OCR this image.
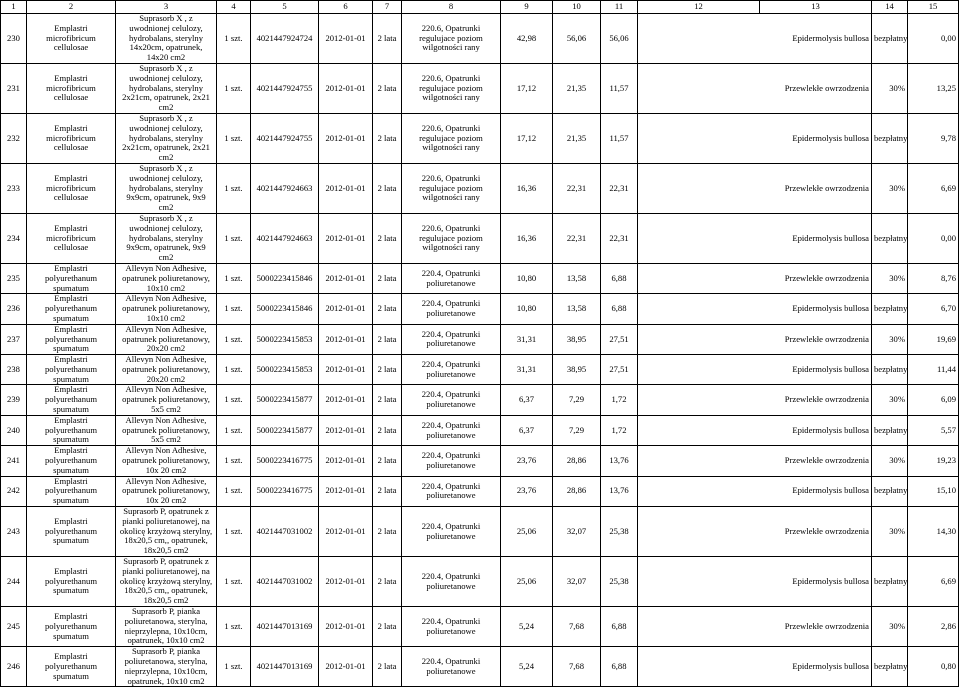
1	2	3	4	5	6	7	8	9	10	11	12	13	14	15
230	Emplastri microfibricum cellulosae	Suprasorb X , z uwodnionej celulozy, hydrobalans, sterylny 14x20cm, opatrunek, 14x20 cm2	1 szt.	4021447924724	2012-01-01	2 lata	220.6, Opatrunki regulujace poziom wilgotności rany	42,98	56,06	56,06	Epidermolysis bullosa		bezpłatny	0,00
231	Emplastri microfibricum cellulosae	Suprasorb X , z uwodnionej celulozy, hydrobalans, sterylny 2x21cm, opatrunek, 2x21 cm2	1 szt.	4021447924755	2012-01-01	2 lata	220.6, Opatrunki regulujace poziom wilgotności rany	17,12	21,35	11,57	Przewlekłe owrzodzenia		30%	13,25
232	Emplastri microfibricum cellulosae	Suprasorb X , z uwodnionej celulozy, hydrobalans, sterylny 2x21cm, opatrunek, 2x21 cm2	1 szt.	4021447924755	2012-01-01	2 lata	220.6, Opatrunki regulujace poziom wilgotności rany	17,12	21,35	11,57	Epidermolysis bullosa		bezpłatny	9,78
233	Emplastri microfibricum cellulosae	Suprasorb X , z uwodnionej celulozy, hydrobalans, sterylny 9x9cm, opatrunek, 9x9 cm2	1 szt.	4021447924663	2012-01-01	2 lata	220.6, Opatrunki regulujace poziom wilgotności rany	16,36	22,31	22,31	Przewlekłe owrzodzenia		30%	6,69
234	Emplastri microfibricum cellulosae	Suprasorb X , z uwodnionej celulozy, hydrobalans, sterylny 9x9cm, opatrunek, 9x9 cm2	1 szt.	4021447924663	2012-01-01	2 lata	220.6, Opatrunki regulujace poziom wilgotności rany	16,36	22,31	22,31	Epidermolysis bullosa		bezpłatny	0,00
235	Emplastri polyurethanum spumatum	Allevyn Non Adhesive, opatrunek poliuretanowy, 10x10 cm2	1 szt.	5000223415846	2012-01-01	2 lata	220.4, Opatrunki poliuretanowe	10,80	13,58	6,88	Przewlekłe owrzodzenia		30%	8,76
236	Emplastri polyurethanum spumatum	Allevyn Non Adhesive, opatrunek poliuretanowy, 10x10 cm2	1 szt.	5000223415846	2012-01-01	2 lata	220.4, Opatrunki poliuretanowe	10,80	13,58	6,88	Epidermolysis bullosa		bezpłatny	6,70
237	Emplastri polyurethanum spumatum	Allevyn Non Adhesive, opatrunek poliuretanowy, 20x20 cm2	1 szt.	5000223415853	2012-01-01	2 lata	220.4, Opatrunki poliuretanowe	31,31	38,95	27,51	Przewlekłe owrzodzenia		30%	19,69
238	Emplastri polyurethanum spumatum	Allevyn Non Adhesive, opatrunek poliuretanowy, 20x20 cm2	1 szt.	5000223415853	2012-01-01	2 lata	220.4, Opatrunki poliuretanowe	31,31	38,95	27,51	Epidermolysis bullosa		bezpłatny	11,44
239	Emplastri polyurethanum spumatum	Allevyn Non Adhesive, opatrunek poliuretanowy, 5x5 cm2	1 szt.	5000223415877	2012-01-01	2 lata	220.4, Opatrunki poliuretanowe	6,37	7,29	1,72	Przewlekłe owrzodzenia		30%	6,09
240	Emplastri polyurethanum spumatum	Allevyn Non Adhesive, opatrunek poliuretanowy, 5x5 cm2	1 szt.	5000223415877	2012-01-01	2 lata	220.4, Opatrunki poliuretanowe	6,37	7,29	1,72	Epidermolysis bullosa		bezpłatny	5,57
241	Emplastri polyurethanum spumatum	Allevyn Non Adhesive, opatrunek poliuretanowy, 10x 20 cm2	1 szt.	5000223416775	2012-01-01	2 lata	220.4, Opatrunki poliuretanowe	23,76	28,86	13,76	Przewlekłe owrzodzenia		30%	19,23
242	Emplastri polyurethanum spumatum	Allevyn Non Adhesive, opatrunek poliuretanowy, 10x 20 cm2	1 szt.	5000223416775	2012-01-01	2 lata	220.4, Opatrunki poliuretanowe	23,76	28,86	13,76	Epidermolysis bullosa		bezpłatny	15,10
243	Emplastri polyurethanum spumatum	Suprasorb P, opatrunek z pianki poliuretanowej, na okolicę krzyżową sterylny, 18x20,5 cm,, opatrunek, 18x20,5 cm2	1 szt.	4021447031002	2012-01-01	2 lata	220.4, Opatrunki poliuretanowe	25,06	32,07	25,38	Przewlekłe owrzodzenia		30%	14,30
244	Emplastri polyurethanum spumatum	Suprasorb P, opatrunek z pianki poliuretanowej, na okolicę krzyżową sterylny, 18x20,5 cm,, opatrunek, 18x20,5 cm2	1 szt.	4021447031002	2012-01-01	2 lata	220.4, Opatrunki poliuretanowe	25,06	32,07	25,38	Epidermolysis bullosa		bezpłatny	6,69
245	Emplastri polyurethanum spumatum	Suprasorb P, pianka poliuretanowa, sterylna, nieprzylepna, 10x10cm, opatrunek, 10x10 cm2	1 szt.	4021447013169	2012-01-01	2 lata	220.4, Opatrunki poliuretanowe	5,24	7,68	6,88	Przewlekłe owrzodzenia		30%	2,86
246	Emplastri polyurethanum spumatum	Suprasorb P, pianka poliuretanowa, sterylna, nieprzylepna, 10x10cm, opatrunek, 10x10 cm2	1 szt.	4021447013169	2012-01-01	2 lata	220.4, Opatrunki poliuretanowe	5,24	7,68	6,88	Epidermolysis bullosa		bezpłatny	0,80
